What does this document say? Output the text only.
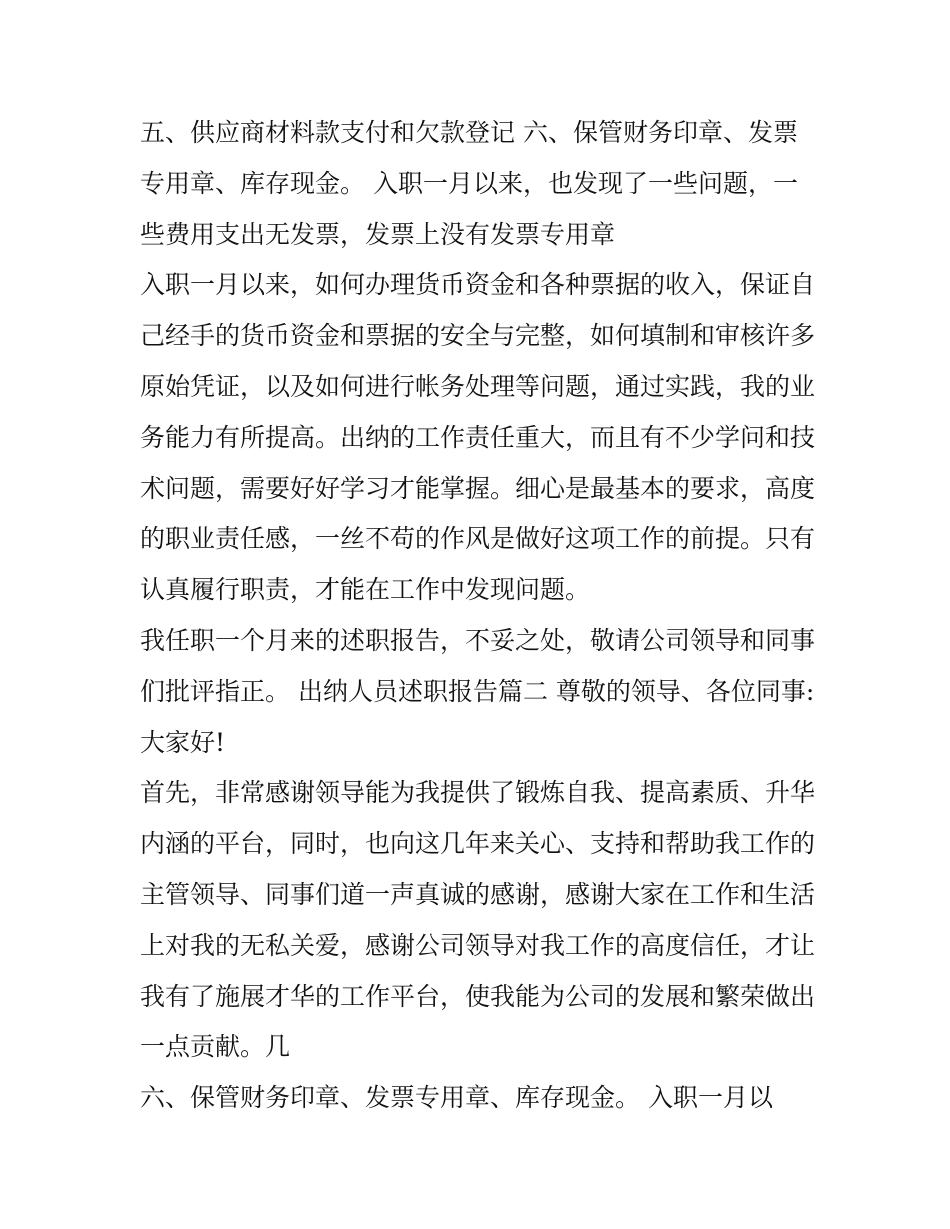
五、供应商材料款支付和欠款登记 六、保管财务印章、发票
专用章、库存现金。 入职一月以来，也发现了一些问题，一
些费用支出无发票，发票上没有发票专用章
入职一月以来，如何办理货币资金和各种票据的收入，保证自
己经手的货币资金和票据的安全与完整，如何填制和审核许多
原始凭证，以及如何进行帐务处理等问题，通过实践，我的业
务能力有所提高。出纳的工作责任重大，而且有不少学问和技
术问题，需要好好学习才能掌握。细心是最基本的要求，高度
的职业责任感，一丝不苟的作风是做好这项工作的前提。只有
认真履行职责，才能在工作中发现问题。
我任职一个月来的述职报告，不妥之处，敬请公司领导和同事
们批评指正。 出纳人员述职报告篇二 尊敬的领导、各位同事:
大家好!
首先，非常感谢领导能为我提供了锻炼自我、提高素质、升华
内涵的平台，同时，也向这几年来关心、支持和帮助我工作的
主管领导、同事们道一声真诚的感谢，感谢大家在工作和生活
上对我的无私关爱，感谢公司领导对我工作的高度信任，才让
我有了施展才华的工作平台，使我能为公司的发展和繁荣做出
一点贡献。几
六、保管财务印章、发票专用章、库存现金。 入职一月以
